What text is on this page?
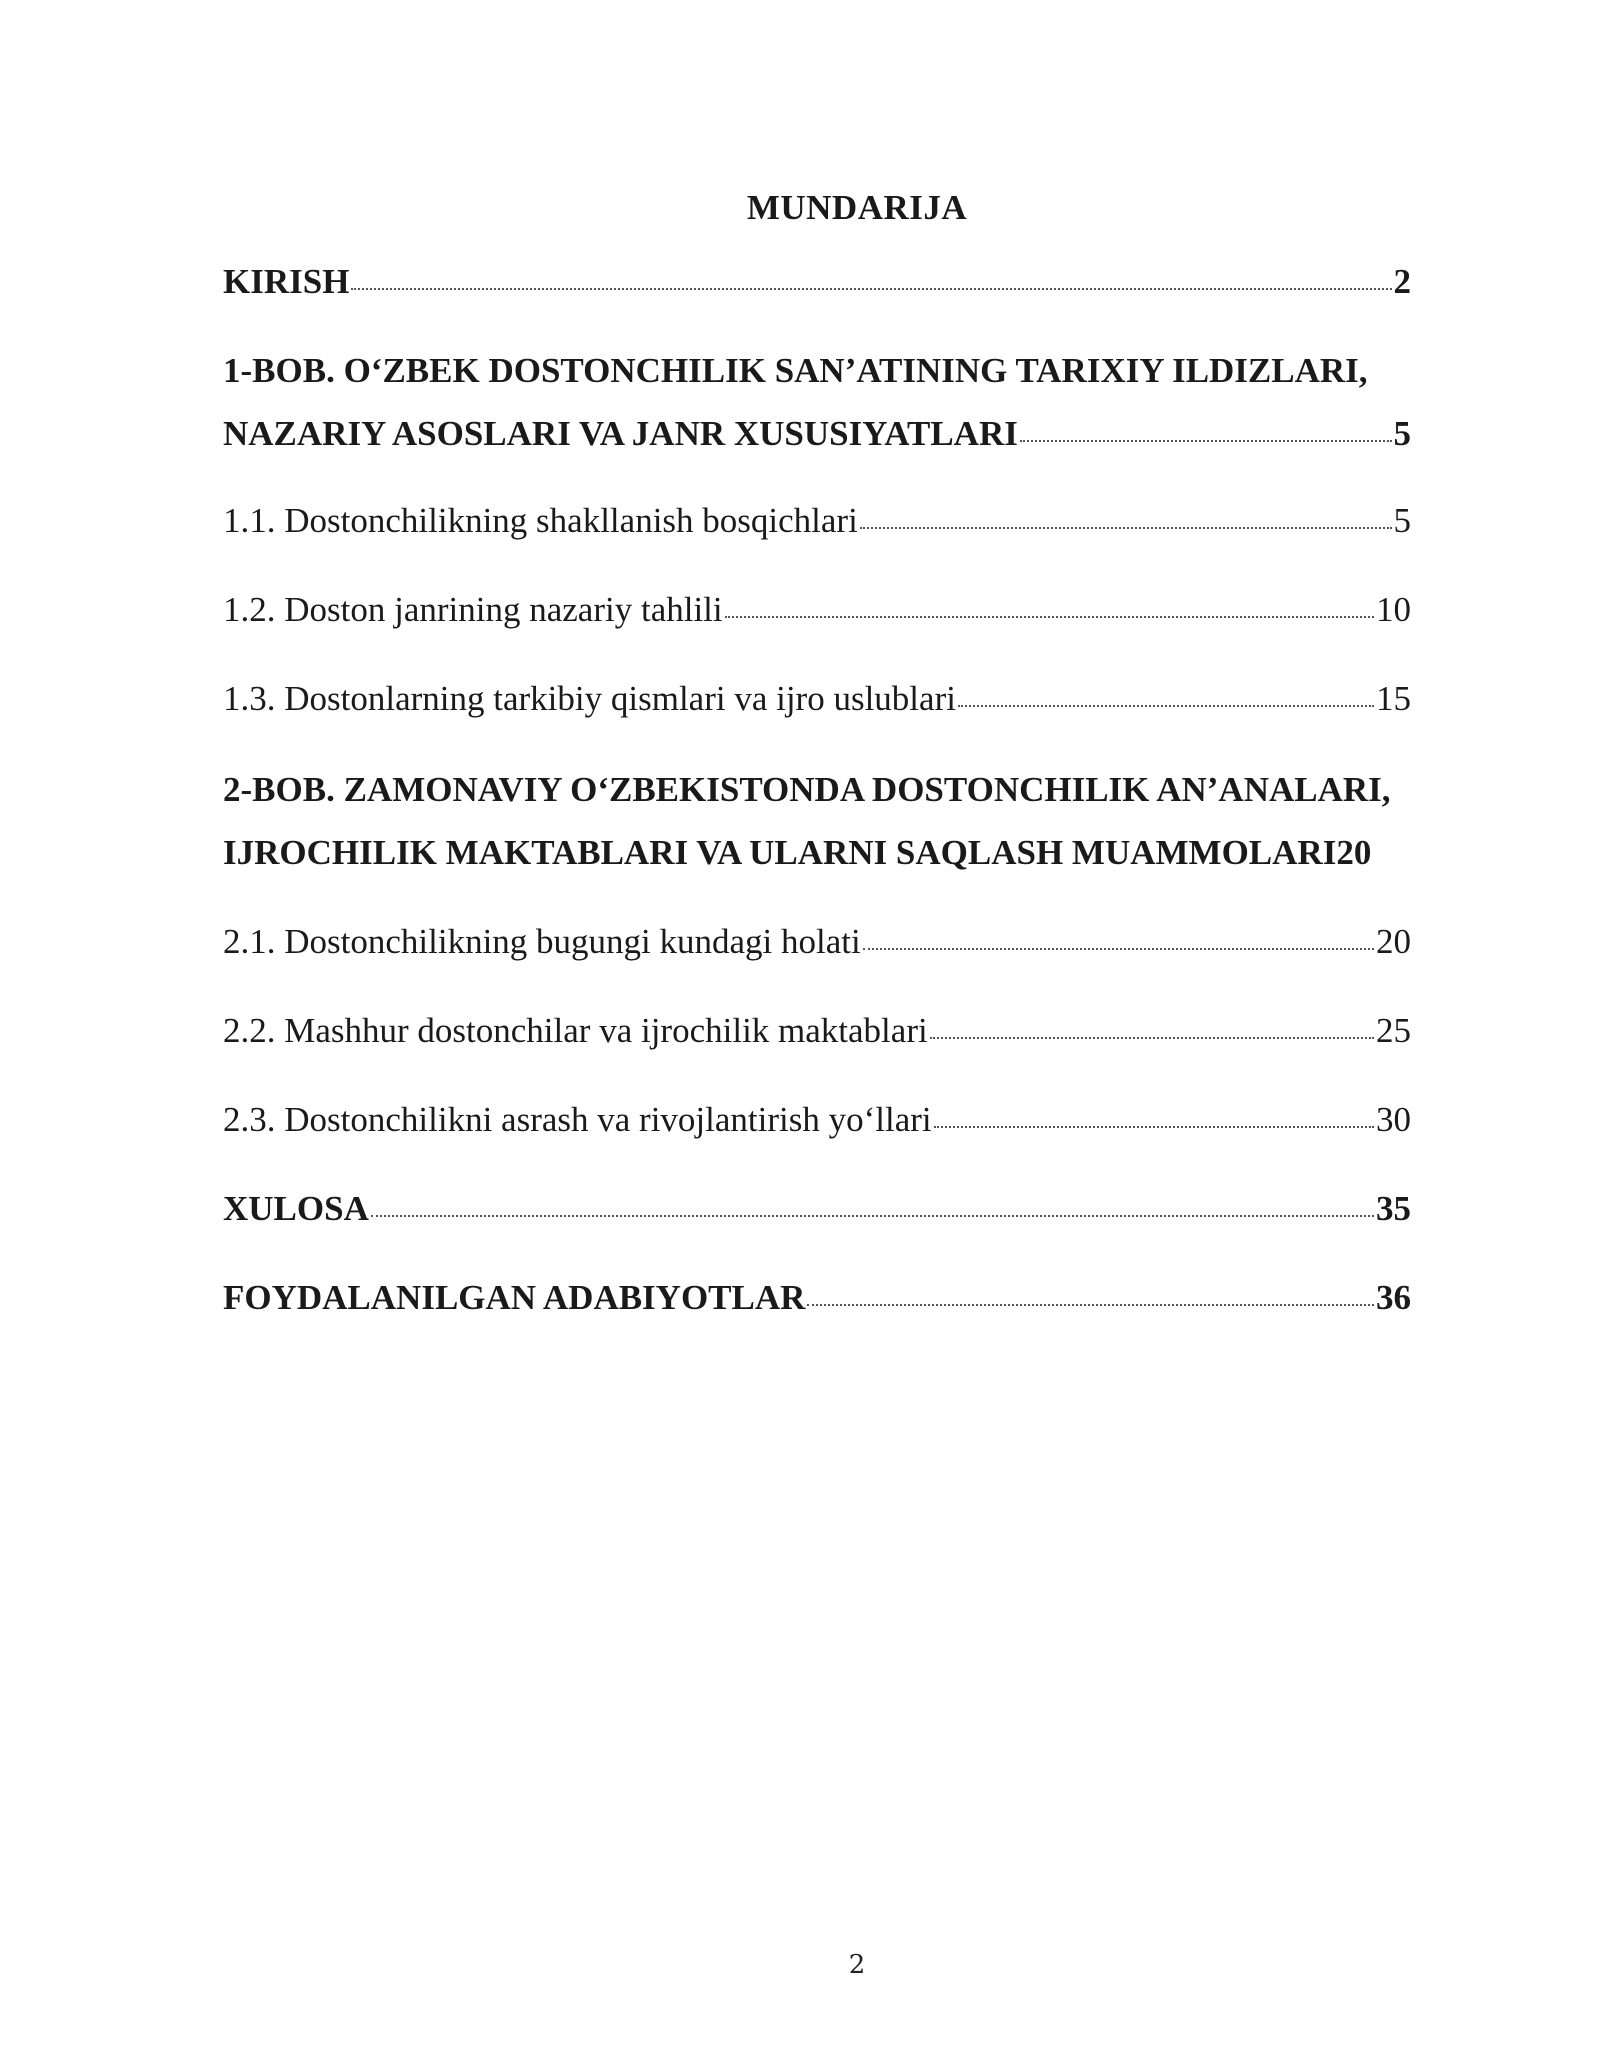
MUNDARIJA
KIRISH	2
1-BOB. O‘ZBEK DOSTONCHILIK SAN’ATINING TARIXIY ILDIZLARI,
NAZARIY ASOSLARI VA JANR XUSUSIYATLARI	5
1.1. Dostonchilikning shakllanish bosqichlari	5
1.2. Doston janrining nazariy tahlili	10
1.3. Dostonlarning tarkibiy qismlari va ijro uslublari	15
2-BOB. ZAMONAVIY O‘ZBEKISTONDA DOSTONCHILIK AN’ANALARI,
IJROCHILIK MAKTABLARI VA ULARNI SAQLASH MUAMMOLARI 20
2.1. Dostonchilikning bugungi kundagi holati	20
2.2. Mashhur dostonchilar va ijrochilik maktablari	25
2.3. Dostonchilikni asrash va rivojlantirish yo‘llari	30
XULOSA	35
FOYDALANILGAN ADABIYOTLAR	36
2
